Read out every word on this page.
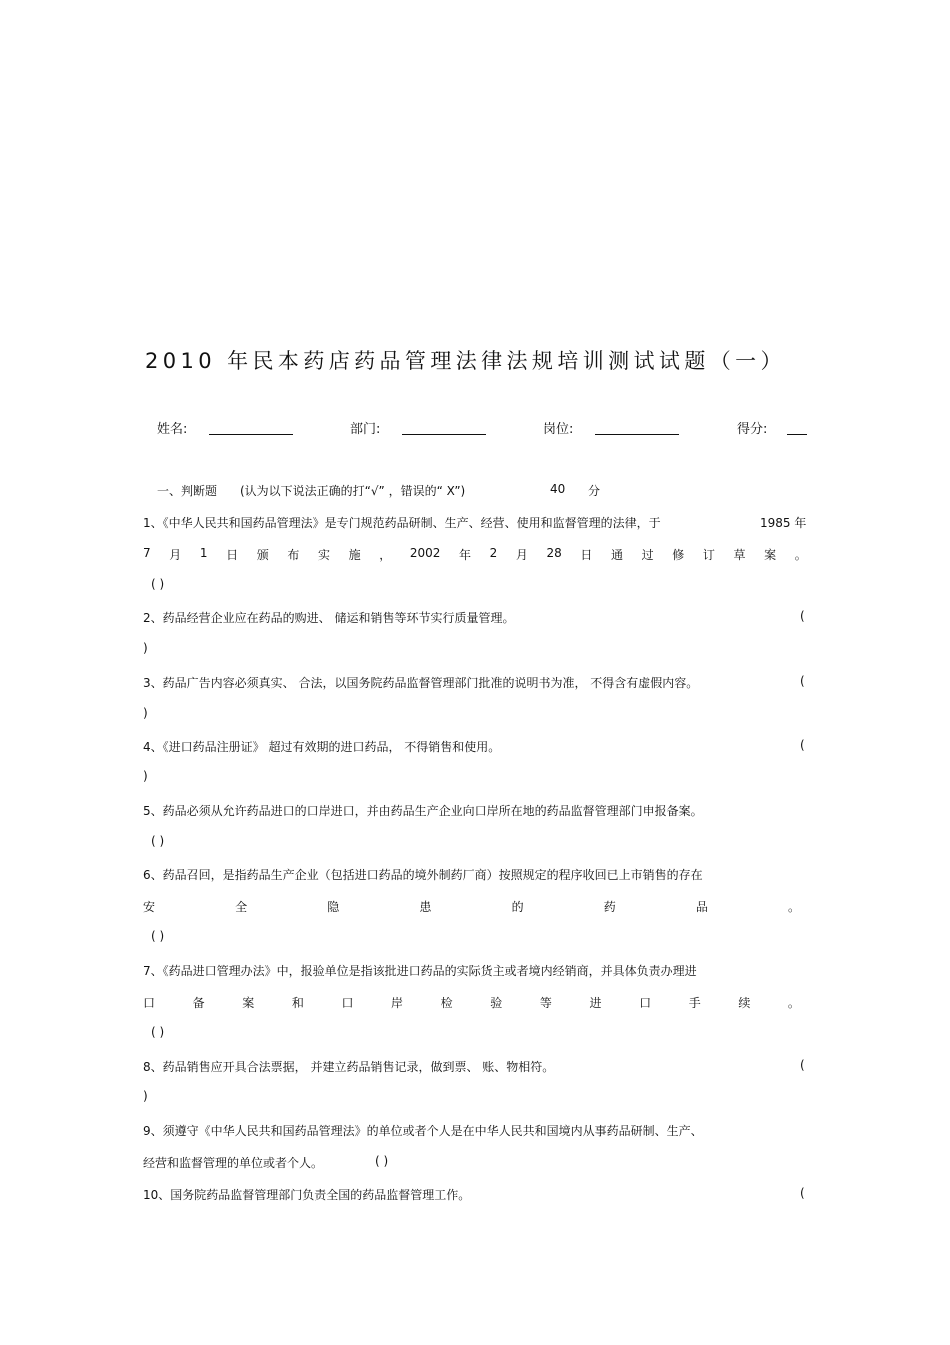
2010 年民本药店药品管理法律法规培训测试试题（一）
姓名:	部门:	岗位:	得分:
一、判断题 (认为以下说法正确的打“√” ，错误的“ X”)	40 分
1、《中华人民共和国药品管理法》是专门规范药品研制、生产、经营、使用和监督管理的法律，于	1985 年
7 月 1 日 颁 布 实 施 ， 2002 年 2 月 28 日 通 过 修 订 草 案 。
( )
2、药品经营企业应在药品的购进、 储运和销售等环节实行质量管理。	(
)
3、药品广告内容必须真实、 合法，以国务院药品监督管理部门批准的说明书为准， 不得含有虚假内容。	(
)
4、《进口药品注册证》 超过有效期的进口药品， 不得销售和使用。	(
)
5、药品必须从允许药品进口的口岸进口，并由药品生产企业向口岸所在地的药品监督管理部门申报备案。
( )
6、药品召回，是指药品生产企业（包括进口药品的境外制药厂商）按照规定的程序收回已上市销售的存在
安	全	隐	患	的	药	品	。
( )
7、《药品进口管理办法》中，报验单位是指该批进口药品的实际货主或者境内经销商，并具体负责办理进
口	备	案	和	口	岸	检	验	等	进	口	手	续	。
( )
8、药品销售应开具合法票据， 并建立药品销售记录，做到票、 账、物相符。	(
)
9、须遵守《中华人民共和国药品管理法》的单位或者个人是在中华人民共和国境内从事药品研制、生产、
经营和监督管理的单位或者个人。	( )
10、国务院药品监督管理部门负责全国的药品监督管理工作。	(
